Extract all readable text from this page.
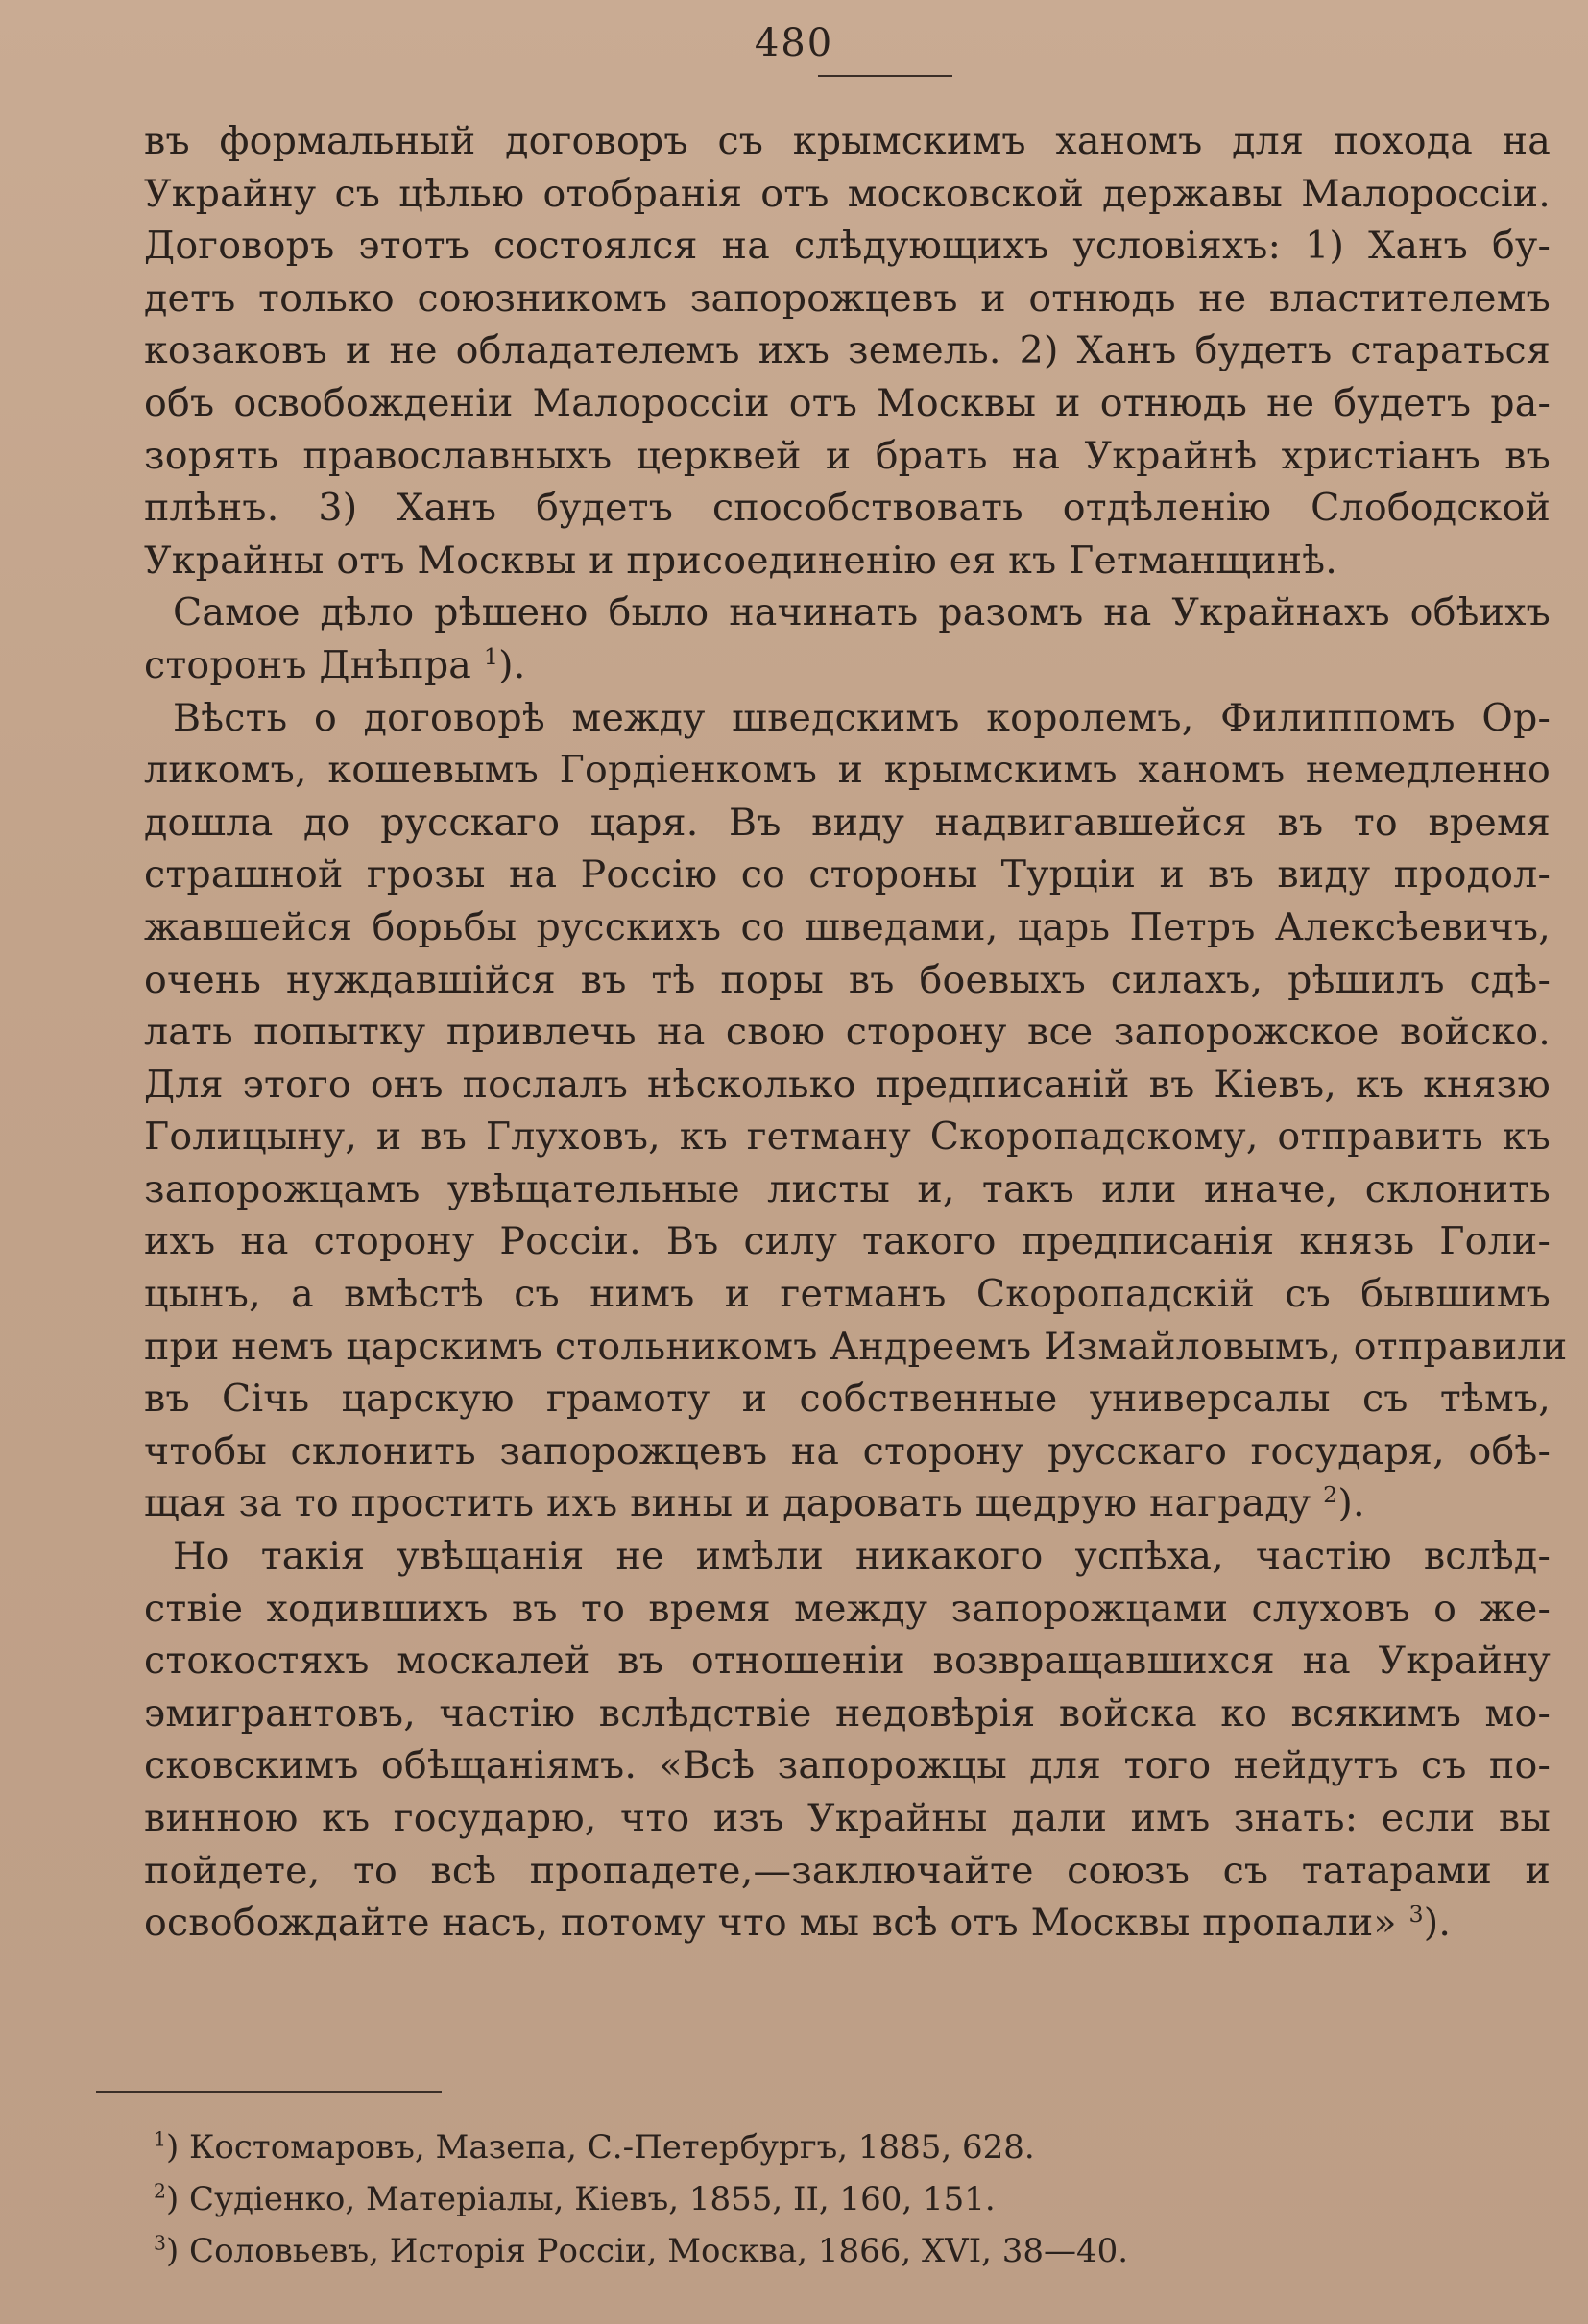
480
въ формальный договоръ съ крымскимъ ханомъ для похода на
Украйну съ цѣлью отобранія отъ московской державы Малороссіи.
Договоръ этотъ состоялся на слѣдующихъ условіяхъ: 1) Ханъ бу-
детъ только союзникомъ запорожцевъ и отнюдь не властителемъ
козаковъ и не обладателемъ ихъ земель. 2) Ханъ будетъ стараться
объ освобожденіи Малороссіи отъ Москвы и отнюдь не будетъ ра-
зорять православныхъ церквей и брать на Украйнѣ христіанъ въ
плѣнъ. 3) Ханъ будетъ способствовать отдѣленію Слободской
Украйны отъ Москвы и присоединенію ея къ Гетманщинѣ.
Самое дѣло рѣшено было начинать разомъ на Украйнахъ обѣихъ
сторонъ Днѣпра $^1$).
Вѣсть о договорѣ между шведскимъ королемъ, Филиппомъ Ор-
ликомъ, кошевымъ Гордіенкомъ и крымскимъ ханомъ немедленно
дошла до русскаго царя. Въ виду надвигавшейся въ то время
страшной грозы на Россію со стороны Турціи и въ виду продол-
жавшейся борьбы русскихъ со шведами, царь Петръ Алексѣевичъ,
очень нуждавшійся въ тѣ поры въ боевыхъ силахъ, рѣшилъ сдѣ-
лать попытку привлечь на свою сторону все запорожское войско.
Для этого онъ послалъ нѣсколько предписаній въ Кіевъ, къ князю
Голицыну, и въ Глуховъ, къ гетману Скоропадскому, отправить къ
запорожцамъ увѣщательные листы и, такъ или иначе, склонить
ихъ на сторону Россіи. Въ силу такого предписанія князь Голи-
цынъ, а вмѣстѣ съ нимъ и гетманъ Скоропадскій съ бывшимъ
при немъ царскимъ стольникомъ Андреемъ Измайловымъ, отправили
въ Січь царскую грамоту и собственные универсалы съ тѣмъ,
чтобы склонить запорожцевъ на сторону русскаго государя, обѣ-
щая за то простить ихъ вины и даровать щедрую награду $^2$).
Но такія увѣщанія не имѣли никакого успѣха, частію вслѣд-
ствіе ходившихъ въ то время между запорожцами слуховъ о же-
стокостяхъ москалей въ отношеніи возвращавшихся на Украйну
эмигрантовъ, частію вслѣдствіе недовѣрія войска ко всякимъ мо-
сковскимъ обѣщаніямъ. «Всѣ запорожцы для того нейдутъ съ по-
винною къ государю, что изъ Украйны дали имъ знать: если вы
пойдете, то всѣ пропадете,—заключайте союзъ съ татарами и
освобождайте насъ, потому что мы всѣ отъ Москвы пропали» $^3$).
$^1$) Костомаровъ, Мазепа, С.-Петербургъ, 1885, 628.
$^2$) Судіенко, Матеріалы, Кіевъ, 1855, II, 160, 151.
$^3$) Соловьевъ, Исторія Россіи, Москва, 1866, XVI, 38—40.
